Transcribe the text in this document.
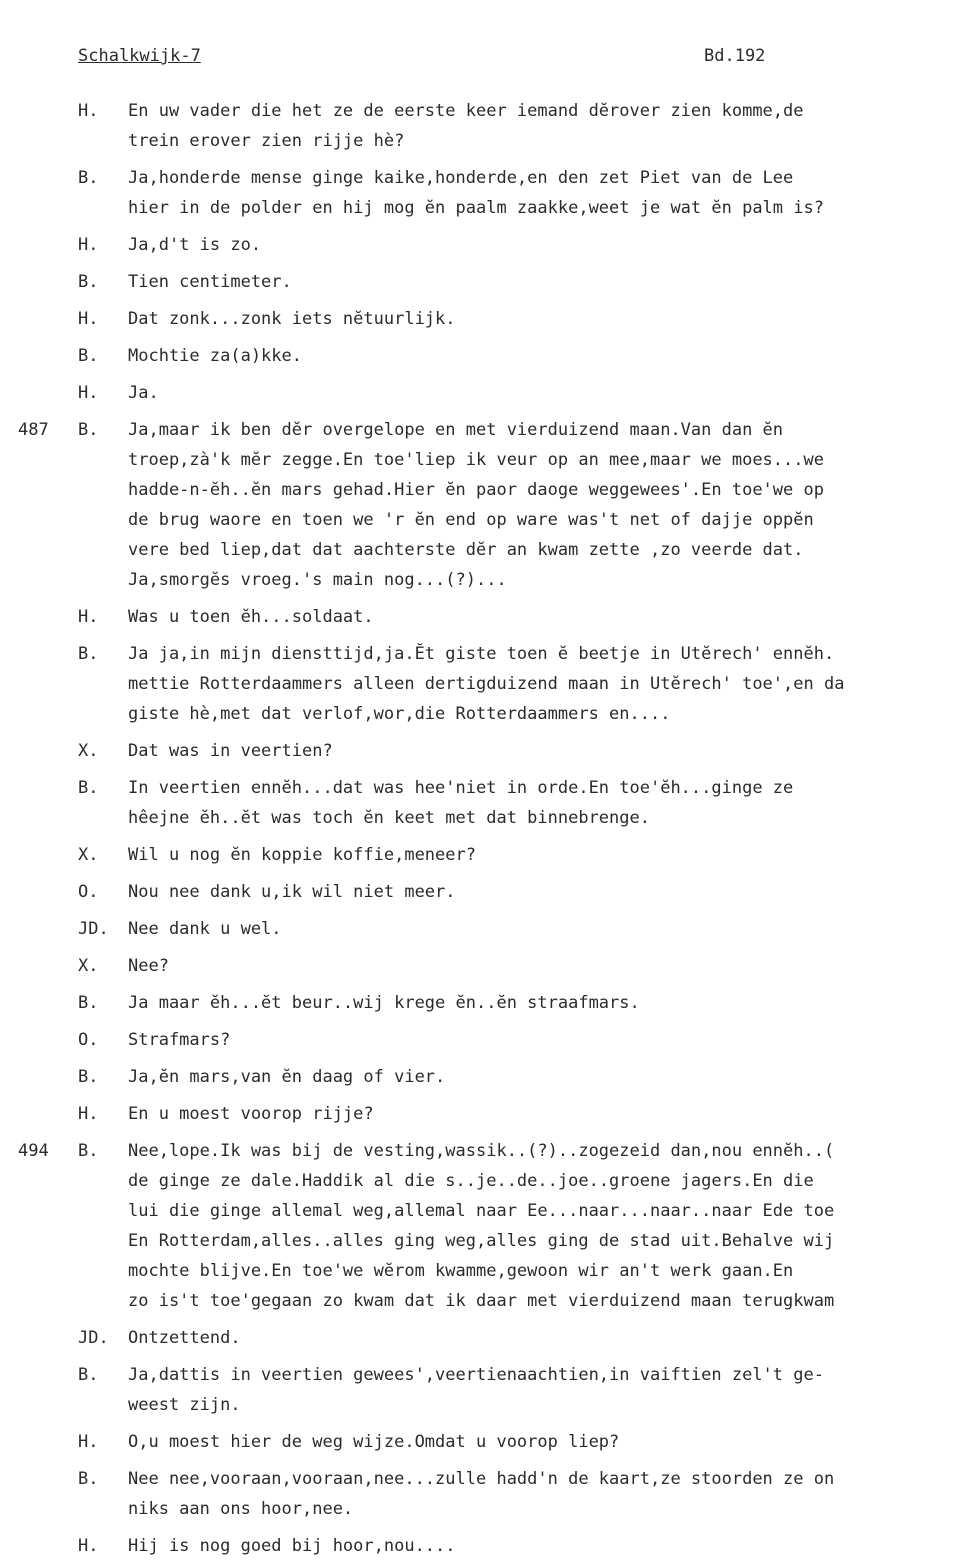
Schalkwijk-7	Bd.192
H.	En uw vader die het ze de eerste keer iemand dĕrover zien komme,de
trein erover zien rijje hè?
B.	Ja,honderde mense ginge kaike,honderde,en den zet Piet van de Lee
hier in de polder en hij mog ĕn paalm zaakke,weet je wat ĕn palm is?
H.	Ja,d't is zo.
B.	Tien centimeter.
H.	Dat zonk...zonk iets nĕtuurlijk.
B.	Mochtie za(a)kke.
H.	Ja.
487	B.	Ja,maar ik ben dĕr overgelope en met vierduizend maan.Van dan ĕn
troep,zà'k mĕr zegge.En toe'liep ik veur op an mee,maar we moes...we
hadde-n-ĕh..ĕn mars gehad.Hier ĕn paor daoge weggewees'.En toe'we op
de brug waore en toen we 'r ĕn end op ware was't net of dajje oppĕn
vere bed liep,dat dat aachterste dĕr an kwam zette ,zo veerde dat.
Ja,smorgĕs vroeg.'s main nog...(?)...
H.	Was u toen ĕh...soldaat.
B.	Ja ja,in mijn diensttijd,ja.Ĕt giste toen ĕ beetje in Utĕrech' ennĕh.
mettie Rotterdaammers alleen dertigduizend maan in Utĕrech' toe',en da
giste hè,met dat verlof,wor,die Rotterdaammers en....
X.	Dat was in veertien?
B.	In veertien ennĕh...dat was hee'niet in orde.En toe'ĕh...ginge ze
hêejne ĕh..ĕt was toch ĕn keet met dat binnebrenge.
X.	Wil u nog ĕn koppie koffie,meneer?
O.	Nou nee dank u,ik wil niet meer.
JD.	Nee dank u wel.
X.	Nee?
B.	Ja maar ĕh...ĕt beur..wij krege ĕn..ĕn straafmars.
O.	Strafmars?
B.	Ja,ĕn mars,van ĕn daag of vier.
H.	En u moest voorop rijje?
494	B.	Nee,lope.Ik was bij de vesting,wassik..(?)..zogezeid dan,nou ennĕh..(
de ginge ze dale.Haddik al die s..je..de..joe..groene jagers.En die
lui die ginge allemal weg,allemal naar Ee...naar...naar..naar Ede toe
En Rotterdam,alles..alles ging weg,alles ging de stad uit.Behalve wij
mochte blijve.En toe'we wĕrom kwamme,gewoon wir an't werk gaan.En
zo is't toe'gegaan zo kwam dat ik daar met vierduizend maan terugkwam
JD.	Ontzettend.
B.	Ja,dattis in veertien gewees',veertienaachtien,in vaiftien zel't ge-
weest zijn.
H.	O,u moest hier de weg wijze.Omdat u voorop liep?
B.	Nee nee,vooraan,vooraan,nee...zulle hadd'n de kaart,ze stoorden ze on
niks aan ons hoor,nee.
H.	Hij is nog goed bij hoor,nou....
